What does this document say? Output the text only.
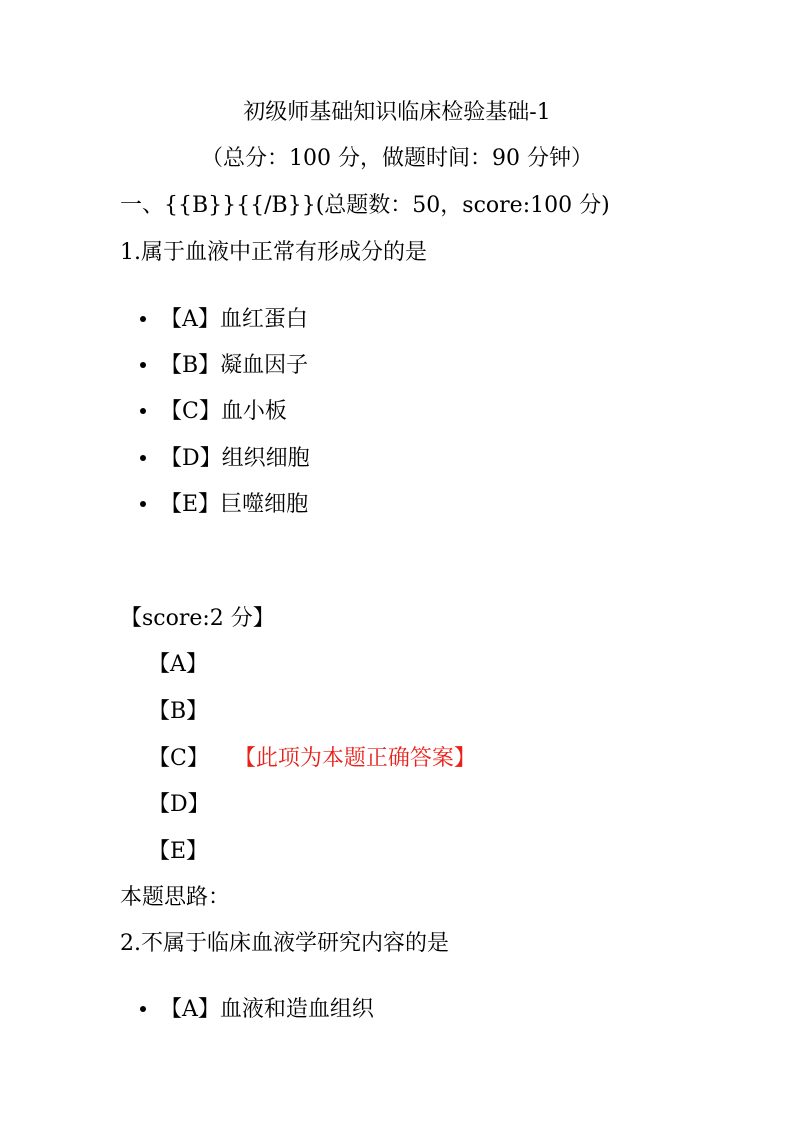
初级师基础知识临床检验基础-1
（总分：100 分，做题时间：90 分钟）
一、{{B}}{{/B}}(总题数：50，score:100 分)
1.属于血液中正常有形成分的是
【A】血红蛋白
【B】凝血因子
【C】血小板
【D】组织细胞
【E】巨噬细胞
【score:2 分】
【A】
【B】
【C】 【此项为本题正确答案】
【D】
【E】
本题思路：
2.不属于临床血液学研究内容的是
【A】血液和造血组织
